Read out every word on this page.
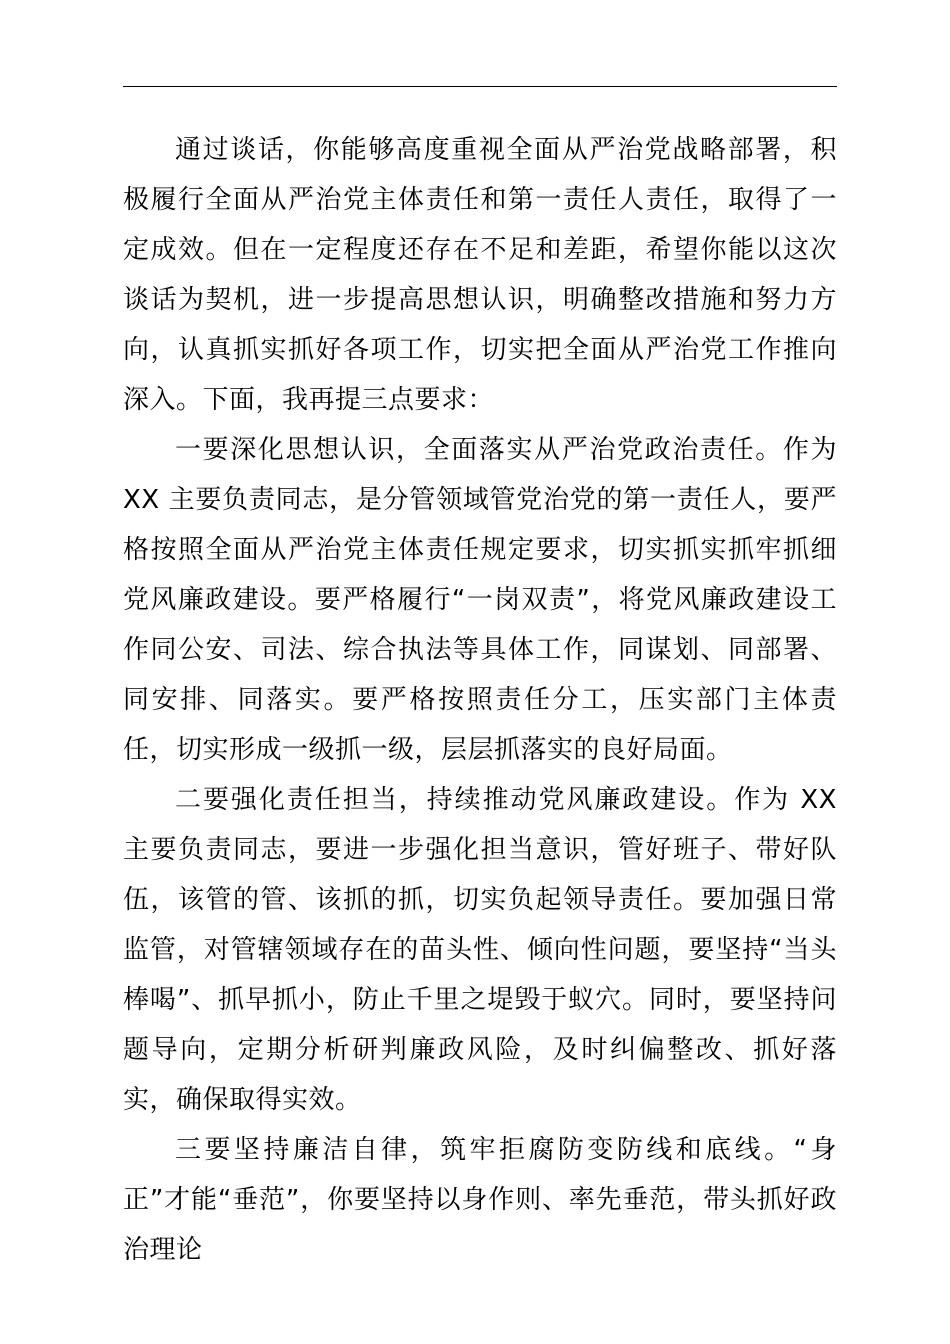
通过谈话，你能够高度重视全面从严治党战略部署，积极履行全面从严治党主体责任和第一责任人责任，取得了一定成效。但在一定程度还存在不足和差距，希望你能以这次谈话为契机，进一步提高思想认识，明确整改措施和努力方向，认真抓实抓好各项工作，切实把全面从严治党工作推向深入。下面，我再提三点要求：

一要深化思想认识，全面落实从严治党政治责任。作为 XX 主要负责同志，是分管领域管党治党的第一责任人，要严格按照全面从严治党主体责任规定要求，切实抓实抓牢抓细党风廉政建设。要严格履行“一岗双责”，将党风廉政建设工作同公安、司法、综合执法等具体工作，同谋划、同部署、同安排、同落实。要严格按照责任分工，压实部门主体责任，切实形成一级抓一级，层层抓落实的良好局面。

二要强化责任担当，持续推动党风廉政建设。作为 XX 主要负责同志，要进一步强化担当意识，管好班子、带好队伍，该管的管、该抓的抓，切实负起领导责任。要加强日常监管，对管辖领域存在的苗头性、倾向性问题，要坚持“当头棒喝”、抓早抓小，防止千里之堤毁于蚁穴。同时，要坚持问题导向，定期分析研判廉政风险，及时纠偏整改、抓好落实，确保取得实效。

三要坚持廉洁自律，筑牢拒腐防变防线和底线。“身正”才能“垂范”，你要坚持以身作则、率先垂范，带头抓好政治理论
